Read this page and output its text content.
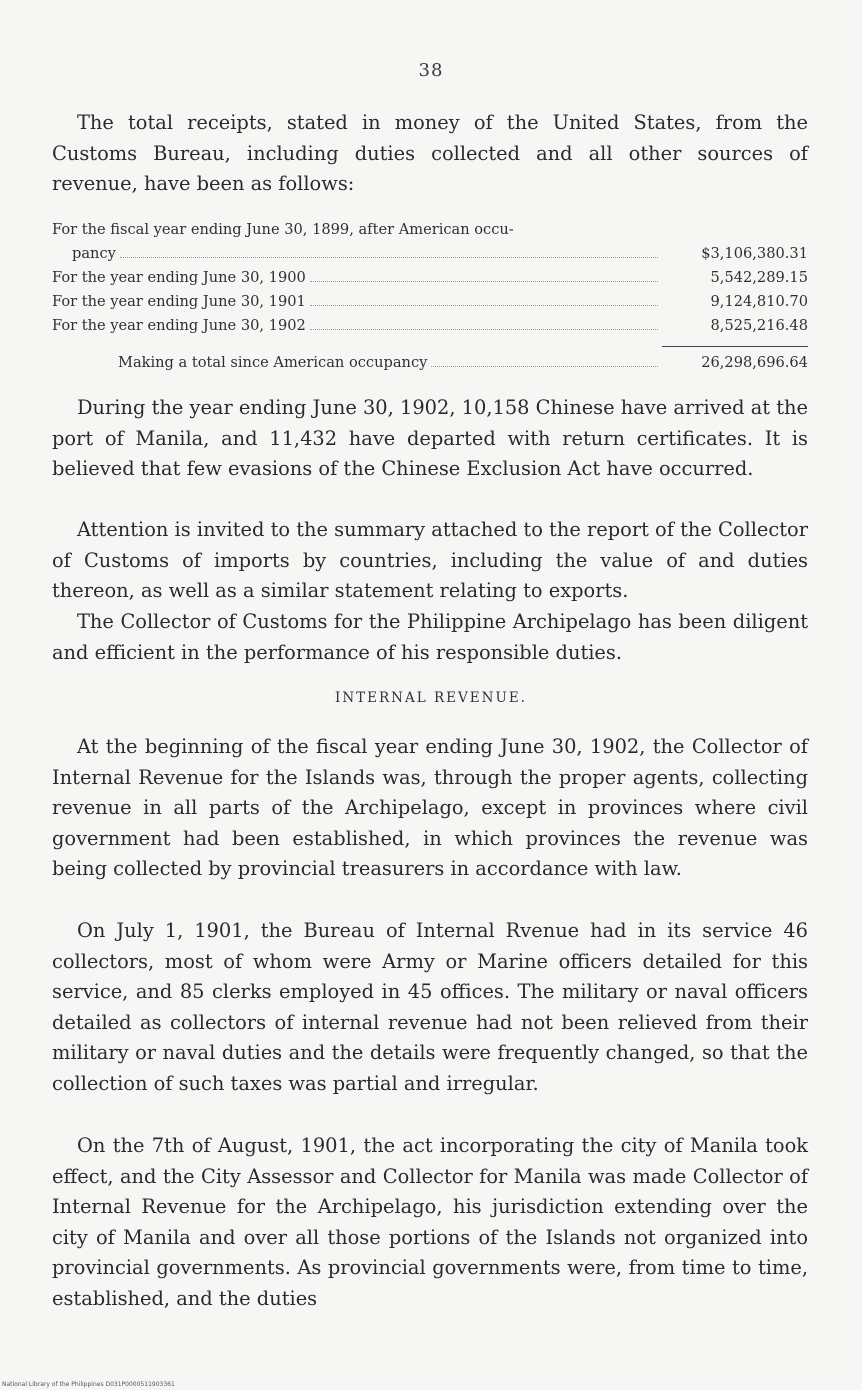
38

The total receipts, stated in money of the United States, from the Customs Bureau, including duties collected and all other sources of revenue, have been as follows:

For the fiscal year ending June 30, 1899, after American occu-
pancy	$3,106,380.31
For the year ending June 30, 1900	5,542,289.15
For the year ending June 30, 1901	9,124,810.70
For the year ending June 30, 1902	8,525,216.48
Making a total since American occupancy	26,298,696.64

During the year ending June 30, 1902, 10,158 Chinese have arrived at the port of Manila, and 11,432 have departed with return certificates. It is believed that few evasions of the Chinese Exclusion Act have occurred.

Attention is invited to the summary attached to the report of the Collector of Customs of imports by countries, including the value of and duties thereon, as well as a similar statement relating to exports.

The Collector of Customs for the Philippine Archipelago has been diligent and efficient in the performance of his responsible duties.

INTERNAL REVENUE.

At the beginning of the fiscal year ending June 30, 1902, the Collector of Internal Revenue for the Islands was, through the proper agents, collecting revenue in all parts of the Archipelago, except in provinces where civil government had been established, in which provinces the revenue was being collected by provincial treasurers in accordance with law.

On July 1, 1901, the Bureau of Internal Rvenue had in its service 46 collectors, most of whom were Army or Marine officers detailed for this service, and 85 clerks employed in 45 offices. The military or naval officers detailed as collectors of internal revenue had not been relieved from their military or naval duties and the details were frequently changed, so that the collection of such taxes was partial and irregular.

On the 7th of August, 1901, the act incorporating the city of Manila took effect, and the City Assessor and Collector for Manila was made Collector of Internal Revenue for the Archipelago, his jurisdiction extending over the city of Manila and over all those portions of the Islands not organized into provincial governments. As provincial governments were, from time to time, established, and the duties

National Library of the Philippines D031P0000511903361
